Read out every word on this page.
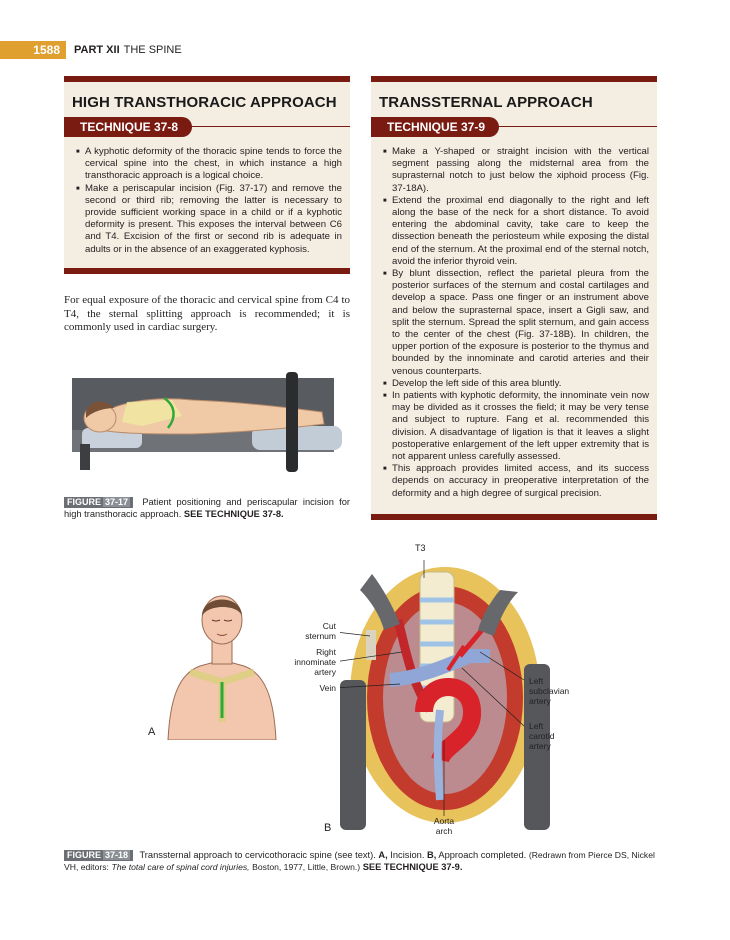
1588	PART XII THE SPINE
HIGH TRANSTHORACIC APPROACH
TECHNIQUE 37-8
■ A kyphotic deformity of the thoracic spine tends to force the cervical spine into the chest, in which instance a high transthoracic approach is a logical choice.
■ Make a periscapular incision (Fig. 37-17) and remove the second or third rib; removing the latter is necessary to provide sufficient working space in a child or if a kyphotic deformity is present. This exposes the interval between C6 and T4. Excision of the first or second rib is adequate in adults or in the absence of an exaggerated kyphosis.
For equal exposure of the thoracic and cervical spine from C4 to T4, the sternal splitting approach is recommended; it is commonly used in cardiac surgery.
FIGURE 37-17 Patient positioning and periscapular incision for high transthoracic approach. SEE TECHNIQUE 37-8.
TRANSSTERNAL APPROACH
TECHNIQUE 37-9
■ Make a Y-shaped or straight incision with the vertical segment passing along the midsternal area from the suprasternal notch to just below the xiphoid process (Fig. 37-18A).
■ Extend the proximal end diagonally to the right and left along the base of the neck for a short distance. To avoid entering the abdominal cavity, take care to keep the dissection beneath the periosteum while exposing the distal end of the sternum. At the proximal end of the sternal notch, avoid the inferior thyroid vein.
■ By blunt dissection, reflect the parietal pleura from the posterior surfaces of the sternum and costal cartilages and develop a space. Pass one finger or an instrument above and below the suprasternal space, insert a Gigli saw, and split the sternum. Spread the split sternum, and gain access to the center of the chest (Fig. 37-18B). In children, the upper portion of the exposure is posterior to the thymus and bounded by the innominate and carotid arteries and their venous counterparts.
■ Develop the left side of this area bluntly.
■ In patients with kyphotic deformity, the innominate vein now may be divided as it crosses the field; it may be very tense and subject to rupture. Fang et al. recommended this division. A disadvantage of ligation is that it leaves a slight postoperative enlargement of the left upper extremity that is not apparent unless carefully assessed.
■ This approach provides limited access, and its success depends on accuracy in preoperative interpretation of the deformity and a high degree of surgical precision.
A
T3
Cut
sternum
Right
innominate
artery
Vein
Left
subclavian
artery
Left
carotid
artery
Aorta
arch
B
FIGURE 37-18 Transsternal approach to cervicothoracic spine (see text). A, Incision. B, Approach completed. (Redrawn from Pierce DS, Nickel VH, editors: The total care of spinal cord injuries, Boston, 1977, Little, Brown.) SEE TECHNIQUE 37-9.
